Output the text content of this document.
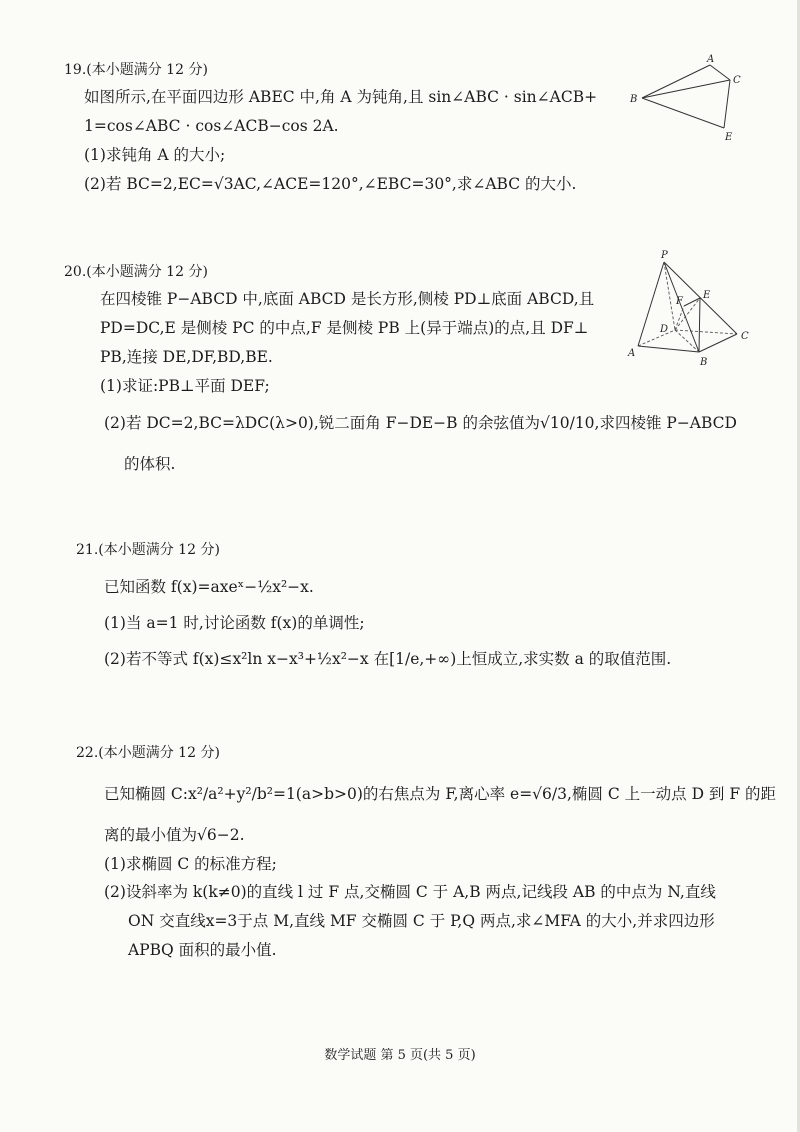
19.(本小题满分 12 分)
如图所示,在平面四边形 ABEC 中,角 A 为钝角,且 sin∠ABC · sin∠ACB+
1=cos∠ABC · cos∠ACB−cos 2A.
(1)求钝角 A 的大小;
(2)若 BC=2,EC=√3AC,∠ACE=120°,∠EBC=30°,求∠ABC 的大小.
A
B
C
E
20.(本小题满分 12 分)
在四棱锥 P−ABCD 中,底面 ABCD 是长方形,侧棱 PD⊥底面 ABCD,且
PD=DC,E 是侧棱 PC 的中点,F 是侧棱 PB 上(异于端点)的点,且 DF⊥
PB,连接 DE,DF,BD,BE.
(1)求证:PB⊥平面 DEF;
(2)若 DC=2,BC=λDC(λ>0),锐二面角 F−DE−B 的余弦值为√10/10,求四棱锥 P−ABCD
的体积.
P
A
B
C
D
E
F
21.(本小题满分 12 分)
已知函数 f(x)=axeˣ−½x²−x.
(1)当 a=1 时,讨论函数 f(x)的单调性;
(2)若不等式 f(x)≤x²ln x−x³+½x²−x 在[1/e,+∞)上恒成立,求实数 a 的取值范围.
22.(本小题满分 12 分)
已知椭圆 C:x²/a²+y²/b²=1(a>b>0)的右焦点为 F,离心率 e=√6/3,椭圆 C 上一动点 D 到 F 的距
离的最小值为√6−2.
(1)求椭圆 C 的标准方程;
(2)设斜率为 k(k≠0)的直线 l 过 F 点,交椭圆 C 于 A,B 两点,记线段 AB 的中点为 N,直线
ON 交直线x=3于点 M,直线 MF 交椭圆 C 于 P,Q 两点,求∠MFA 的大小,并求四边形
APBQ 面积的最小值.
数学试题 第 5 页(共 5 页)
